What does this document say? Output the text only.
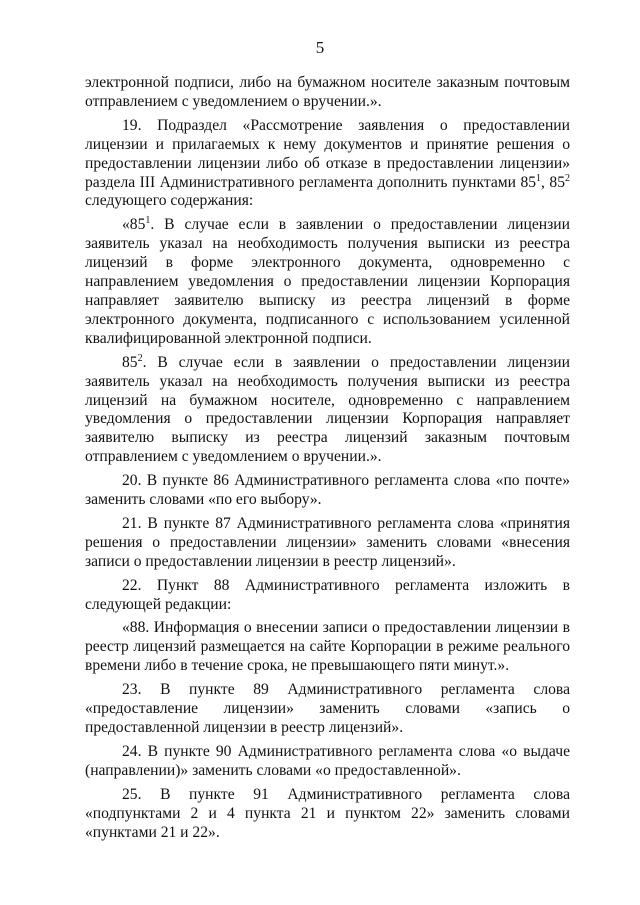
5

электронной подписи, либо на бумажном носителе заказным почтовым отправлением с уведомлением о вручении.».

19. Подраздел «Рассмотрение заявления о предоставлении лицензии и прилагаемых к нему документов и принятие решения о предоставлении лицензии либо об отказе в предоставлении лицензии» раздела III Административного регламента дополнить пунктами $85^1$, $85^2$ следующего содержания:

«$85^1$. В случае если в заявлении о предоставлении лицензии заявитель указал на необходимость получения выписки из реестра лицензий в форме электронного документа, одновременно с направлением уведомления о предоставлении лицензии Корпорация направляет заявителю выписку из реестра лицензий в форме электронного документа, подписанного с использованием усиленной квалифицированной электронной подписи.

$85^2$. В случае если в заявлении о предоставлении лицензии заявитель указал на необходимость получения выписки из реестра лицензий на бумажном носителе, одновременно с направлением уведомления о предоставлении лицензии Корпорация направляет заявителю выписку из реестра лицензий заказным почтовым отправлением с уведомлением о вручении.».

20. В пункте 86 Административного регламента слова «по почте» заменить словами «по его выбору».

21. В пункте 87 Административного регламента слова «принятия решения о предоставлении лицензии» заменить словами «внесения записи о предоставлении лицензии в реестр лицензий».

22. Пункт 88 Административного регламента изложить в следующей редакции:

«88. Информация о внесении записи о предоставлении лицензии в реестр лицензий размещается на сайте Корпорации в режиме реального времени либо в течение срока, не превышающего пяти минут.».

23. В пункте 89 Административного регламента слова «предоставление лицензии» заменить словами «запись о предоставленной лицензии в реестр лицензий».

24. В пункте 90 Административного регламента слова «о выдаче (направлении)» заменить словами «о предоставленной».

25. В пункте 91 Административного регламента слова «подпунктами 2 и 4 пункта 21 и пунктом 22» заменить словами «пунктами 21 и 22».
